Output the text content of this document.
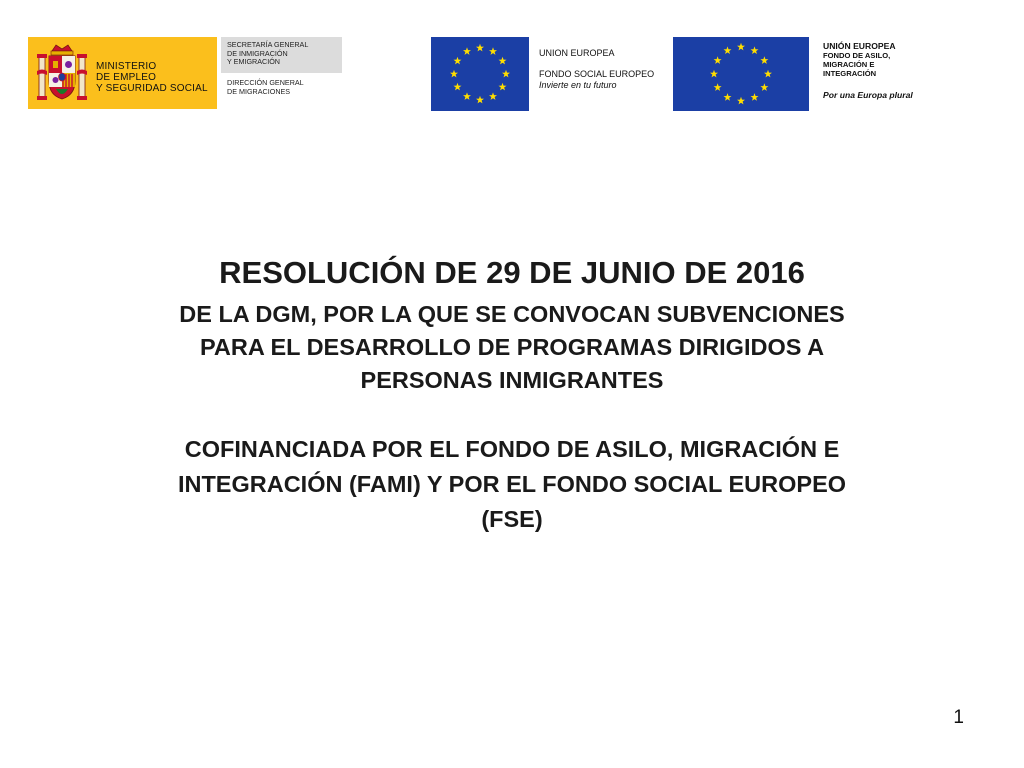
MINISTERIO
DE EMPLEO
Y SEGURIDAD SOCIAL

SECRETARÍA GENERAL
DE INMIGRACIÓN
Y EMIGRACIÓN

DIRECCIÓN GENERAL
DE MIGRACIONES

UNION EUROPEA
FONDO SOCIAL EUROPEO
Invierte en tu futuro
UNIÓN EUROPEA
FONDO DE ASILO,
MIGRACIÓN E
INTEGRACIÓN
Por una Europa plural
RESOLUCIÓN DE 29 DE JUNIO DE 2016

DE LA DGM, POR LA QUE SE CONVOCAN SUBVENCIONES
PARA EL DESARROLLO DE PROGRAMAS DIRIGIDOS A
PERSONAS INMIGRANTES

COFINANCIADA POR EL FONDO DE ASILO, MIGRACIÓN E
INTEGRACIÓN (FAMI) Y POR EL FONDO SOCIAL EUROPEO
(FSE)

1
